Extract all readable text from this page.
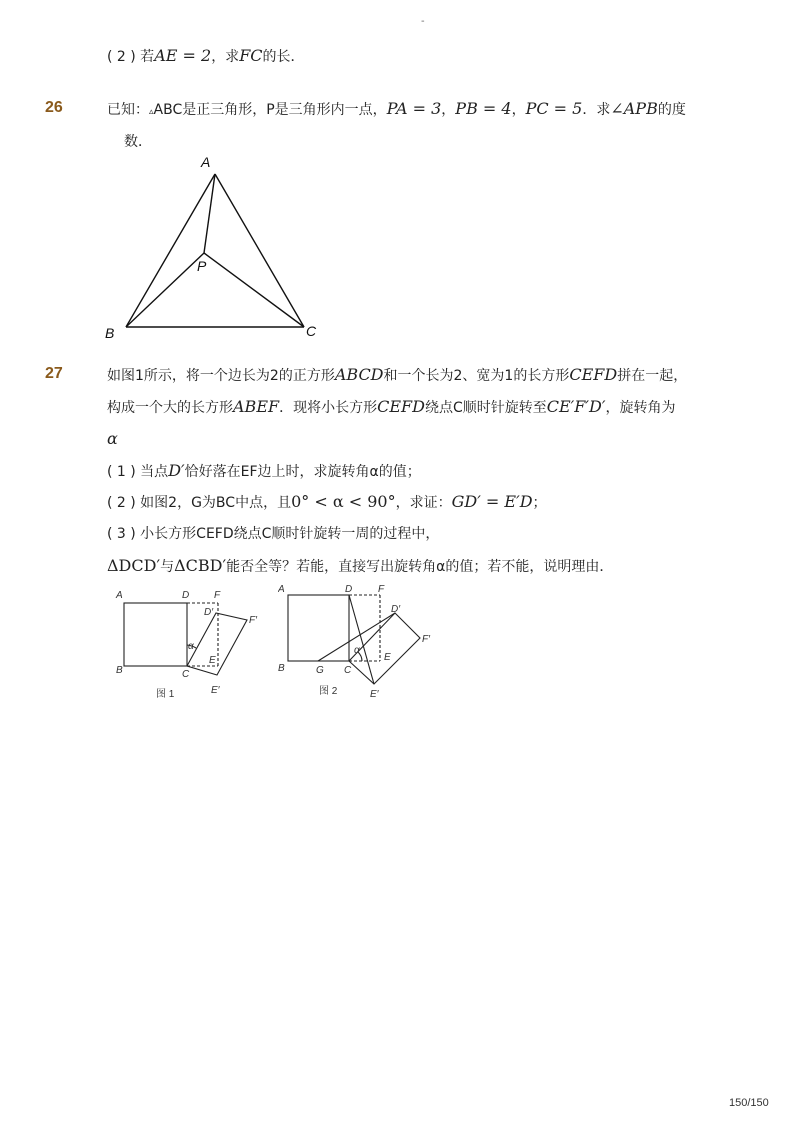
-
( 2 ) 若AE = 2，求FC的长．
26	已知：▵ABC是正三角形，P是三角形内一点，PA = 3，PB = 4，PC = 5．求∠APB的度
数．
A
B	C
P
27	如图1所示，将一个边长为2的正方形ABCD和一个长为2、宽为1的长方形CEFD拼在一起，
构成一个大的长方形ABEF．现将小长方形CEFD绕点C顺时针旋转至CE′F′D′，旋转角为
α
( 1 ) 当点D′恰好落在EF边上时，求旋转角α的值；
( 2 ) 如图2，G为BC中点，且0° < α < 90°，求证：GD′ = E′D；
( 3 ) 小长方形CEFD绕点C顺时针旋转一周的过程中，
ΔDCD′与ΔCBD′能否全等？若能，直接写出旋转角α的值；若不能，说明理由．
A
B	C
D F
D′
F′
E
E′
α
图 1
A
B	G C
D	F
D′
F′
E
E′
α
图 2
150/150
